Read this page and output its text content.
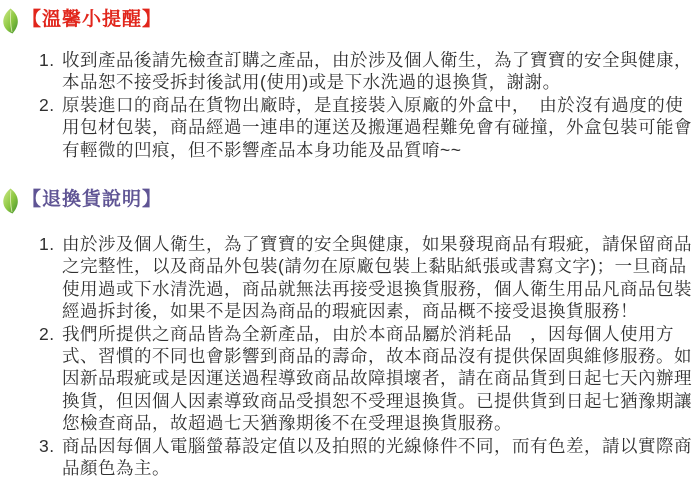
【溫馨小提醒】
1. 收到產品後請先檢查訂購之產品，由於涉及個人衛生，為了寶寶的安全與健康，本品恕不接受拆封後試用(使用)或是下水洗過的退換貨，謝謝。
2. 原裝進口的商品在貨物出廠時，是直接裝入原廠的外盒中，　由於沒有過度的使用包材包裝，商品經過一連串的運送及搬運過程難免會有碰撞，外盒包裝可能會有輕微的凹痕，但不影響產品本身功能及品質唷~~
【退換貨說明】
1. 由於涉及個人衛生，為了寶寶的安全與健康，如果發現商品有瑕疵，請保留商品之完整性，以及商品外包裝(請勿在原廠包裝上黏貼紙張或書寫文字)；一旦商品使用過或下水清洗過，商品就無法再接受退換貨服務，個人衛生用品凡商品包裝經過拆封後，如果不是因為商品的瑕疵因素，商品概不接受退換貨服務！
2. 我們所提供之商品皆為全新產品，由於本商品屬於消耗品　，因每個人使用方式、習慣的不同也會影響到商品的壽命，故本商品沒有提供保固與維修服務。如因新品瑕疵或是因運送過程導致商品故障損壞者，請在商品貨到日起七天內辦理換貨，但因個人因素導致商品受損恕不受理退換貨。已提供貨到日起七猶豫期讓您檢查商品，故超過七天猶豫期後不在受理退換貨服務。
3. 商品因每個人電腦螢幕設定值以及拍照的光線條件不同，而有色差，請以實際商品顏色為主。
